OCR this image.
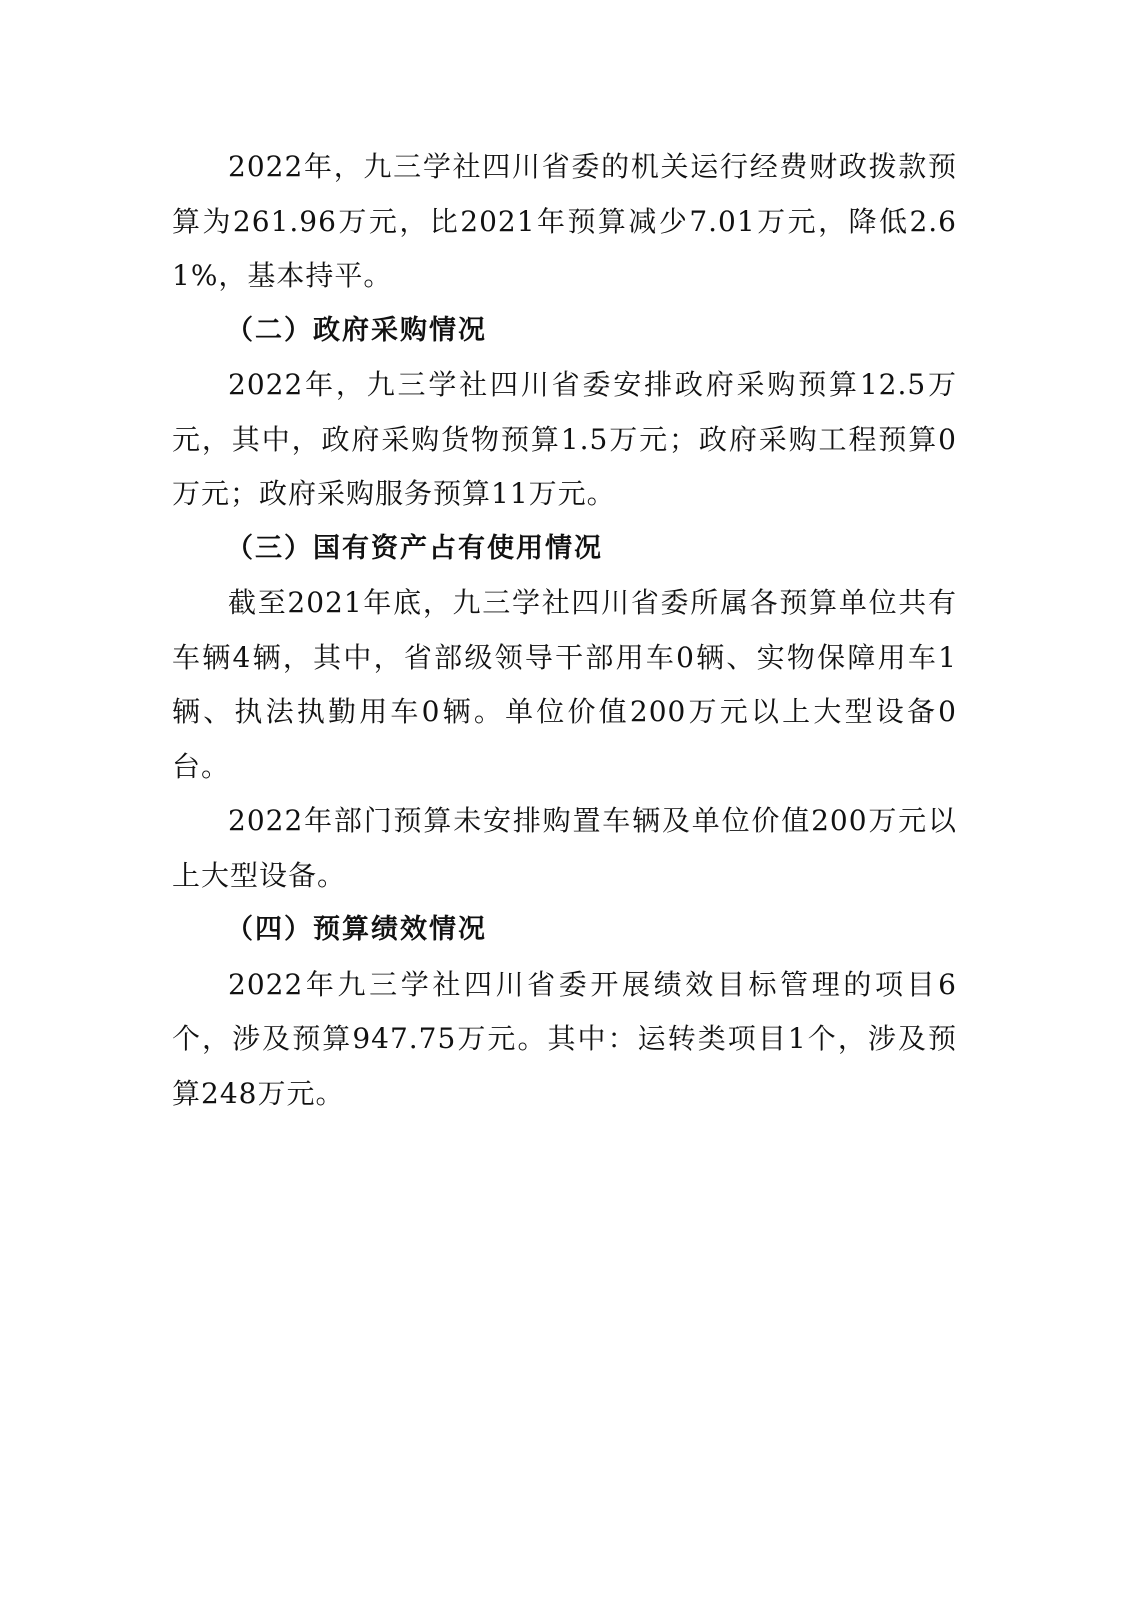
2022年，九三学社四川省委的机关运行经费财政拨款预算为261.96万元，比2021年预算减少7.01万元，降低2.61%，基本持平。

（二）政府采购情况

2022年，九三学社四川省委安排政府采购预算12.5万元，其中，政府采购货物预算1.5万元；政府采购工程预算0万元；政府采购服务预算11万元。

（三）国有资产占有使用情况

截至2021年底，九三学社四川省委所属各预算单位共有车辆4辆，其中，省部级领导干部用车0辆、实物保障用车1辆、执法执勤用车0辆。单位价值200万元以上大型设备0台。

2022年部门预算未安排购置车辆及单位价值200万元以上大型设备。

（四）预算绩效情况

2022年九三学社四川省委开展绩效目标管理的项目6个，涉及预算947.75万元。其中：运转类项目1个，涉及预算248万元。
